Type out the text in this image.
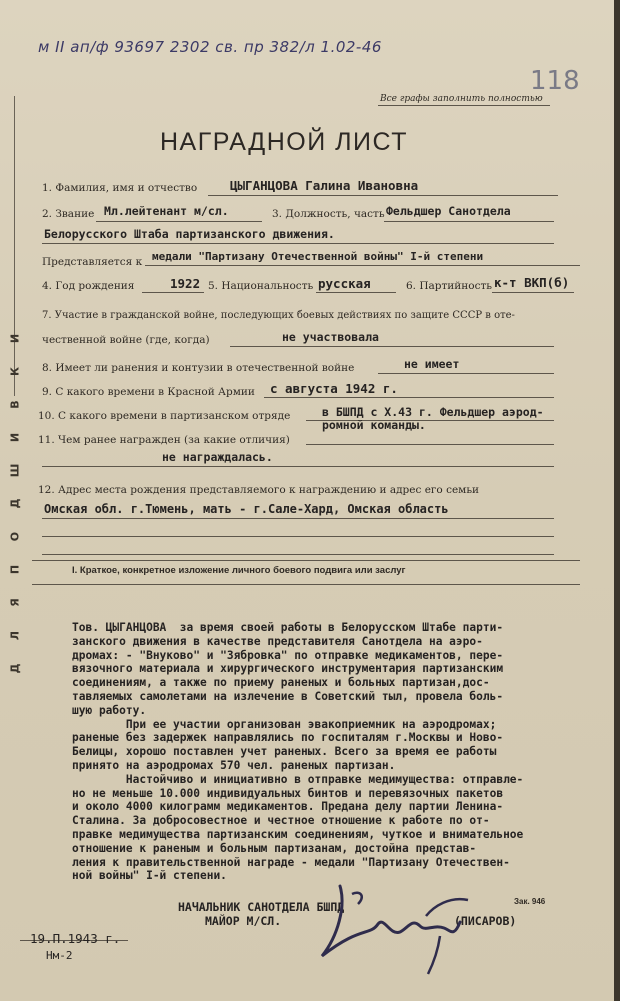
м ІІ ап/ф 93697 2302 св. пр 382/л 1.02-46
118
Все графы заполнить полностью
НАГРАДНОЙ ЛИСТ
Д
Л
Я
П
О
Д
Ш
И
В
К
И
1. Фамилия, имя и отчество	ЦЫГАНЦОВА Галина Ивановна
2. Звание Мл.лейтенант м/сл.	3. Должность, часть Фельдшер Санотдела
Белорусского Штаба партизанского движения.
Представляется к медали "Партизану Отечественной войны" I-й степени
4. Год рождения	1922 5. Национальность русская	6. Партийность к-т ВКП(б)
7. Участие в гражданской войне, последующих боевых действиях по защите СССР в оте-
чественной войне (где, когда)	не участвовала
8. Имеет ли ранения и контузии в отечественной войне	не имеет
9. С какого времени в Красной Армии с августа 1942 г.
10. С какого времени в партизанском отряде	в БШПД с Х.43 г. Фельдшер аэрод-
ромной команды.
11. Чем ранее награжден (за какие отличия)
не награждалась.
12. Адрес места рождения представляемого к награждению и адрес его семьи
Омская обл. г.Тюмень, мать - г.Сале-Хард, Омская область
I. Краткое, конкретное изложение личного боевого подвига или заслуг
Тов. ЦЫГАНЦОВА  за время своей работы в Белорусском Штабе парти-
занского движения в качестве представителя Санотдела на аэро-
дромах: - "Внуково" и "Зябровка" по отправке медикаментов, пере-
вязочного материала и хирургического инструментария партизанским
соединениям, а также по приему раненых и больных партизан,дос-
тавляемых самолетами на излечение в Советский тыл, провела боль-
шую работу.
При ее участии организован эвакоприемник на аэродромах;
раненые без задержек направлялись по госпиталям г.Москвы и Ново-
Белицы, хорошо поставлен учет раненых. Всего за время ее работы
принято на аэродромах 570 чел. раненых партизан.
Настойчиво и инициативно в отправке медимущества: отправле-
но не меньше 10.000 индивидуальных бинтов и перевязочных пакетов
и около 4000 килограмм медикаментов. Предана делу партии Ленина-
Сталина. За добросовестное и честное отношение к работе по от-
правке медимущества партизанским соединениям, чуткое и внимательное
отношение к раненым и больным партизанам, достойна представ-
ления к правительственной награде - медали "Партизану Отечествен-
ной войны" I-й степени.
НАЧАЛЬНИК САНОТДЕЛА БШПД
МАЙОР М/СЛ.	(ПИСАРОВ)
Зак. 946
19.П.1943 г.
Нм-2
